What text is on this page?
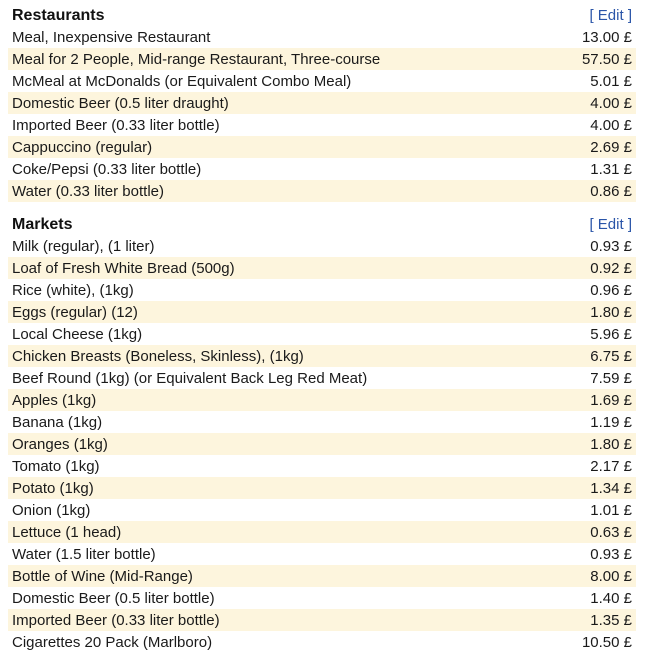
Restaurants	[ Edit ]
Meal, Inexpensive Restaurant	13.00 £
Meal for 2 People, Mid-range Restaurant, Three-course	57.50 £
McMeal at McDonalds (or Equivalent Combo Meal)	5.01 £
Domestic Beer (0.5 liter draught)	4.00 £
Imported Beer (0.33 liter bottle)	4.00 £
Cappuccino (regular)	2.69 £
Coke/Pepsi (0.33 liter bottle)	1.31 £
Water (0.33 liter bottle)	0.86 £
Markets	[ Edit ]
Milk (regular), (1 liter)	0.93 £
Loaf of Fresh White Bread (500g)	0.92 £
Rice (white), (1kg)	0.96 £
Eggs (regular) (12)	1.80 £
Local Cheese (1kg)	5.96 £
Chicken Breasts (Boneless, Skinless), (1kg)	6.75 £
Beef Round (1kg) (or Equivalent Back Leg Red Meat)	7.59 £
Apples (1kg)	1.69 £
Banana (1kg)	1.19 £
Oranges (1kg)	1.80 £
Tomato (1kg)	2.17 £
Potato (1kg)	1.34 £
Onion (1kg)	1.01 £
Lettuce (1 head)	0.63 £
Water (1.5 liter bottle)	0.93 £
Bottle of Wine (Mid-Range)	8.00 £
Domestic Beer (0.5 liter bottle)	1.40 £
Imported Beer (0.33 liter bottle)	1.35 £
Cigarettes 20 Pack (Marlboro)	10.50 £
